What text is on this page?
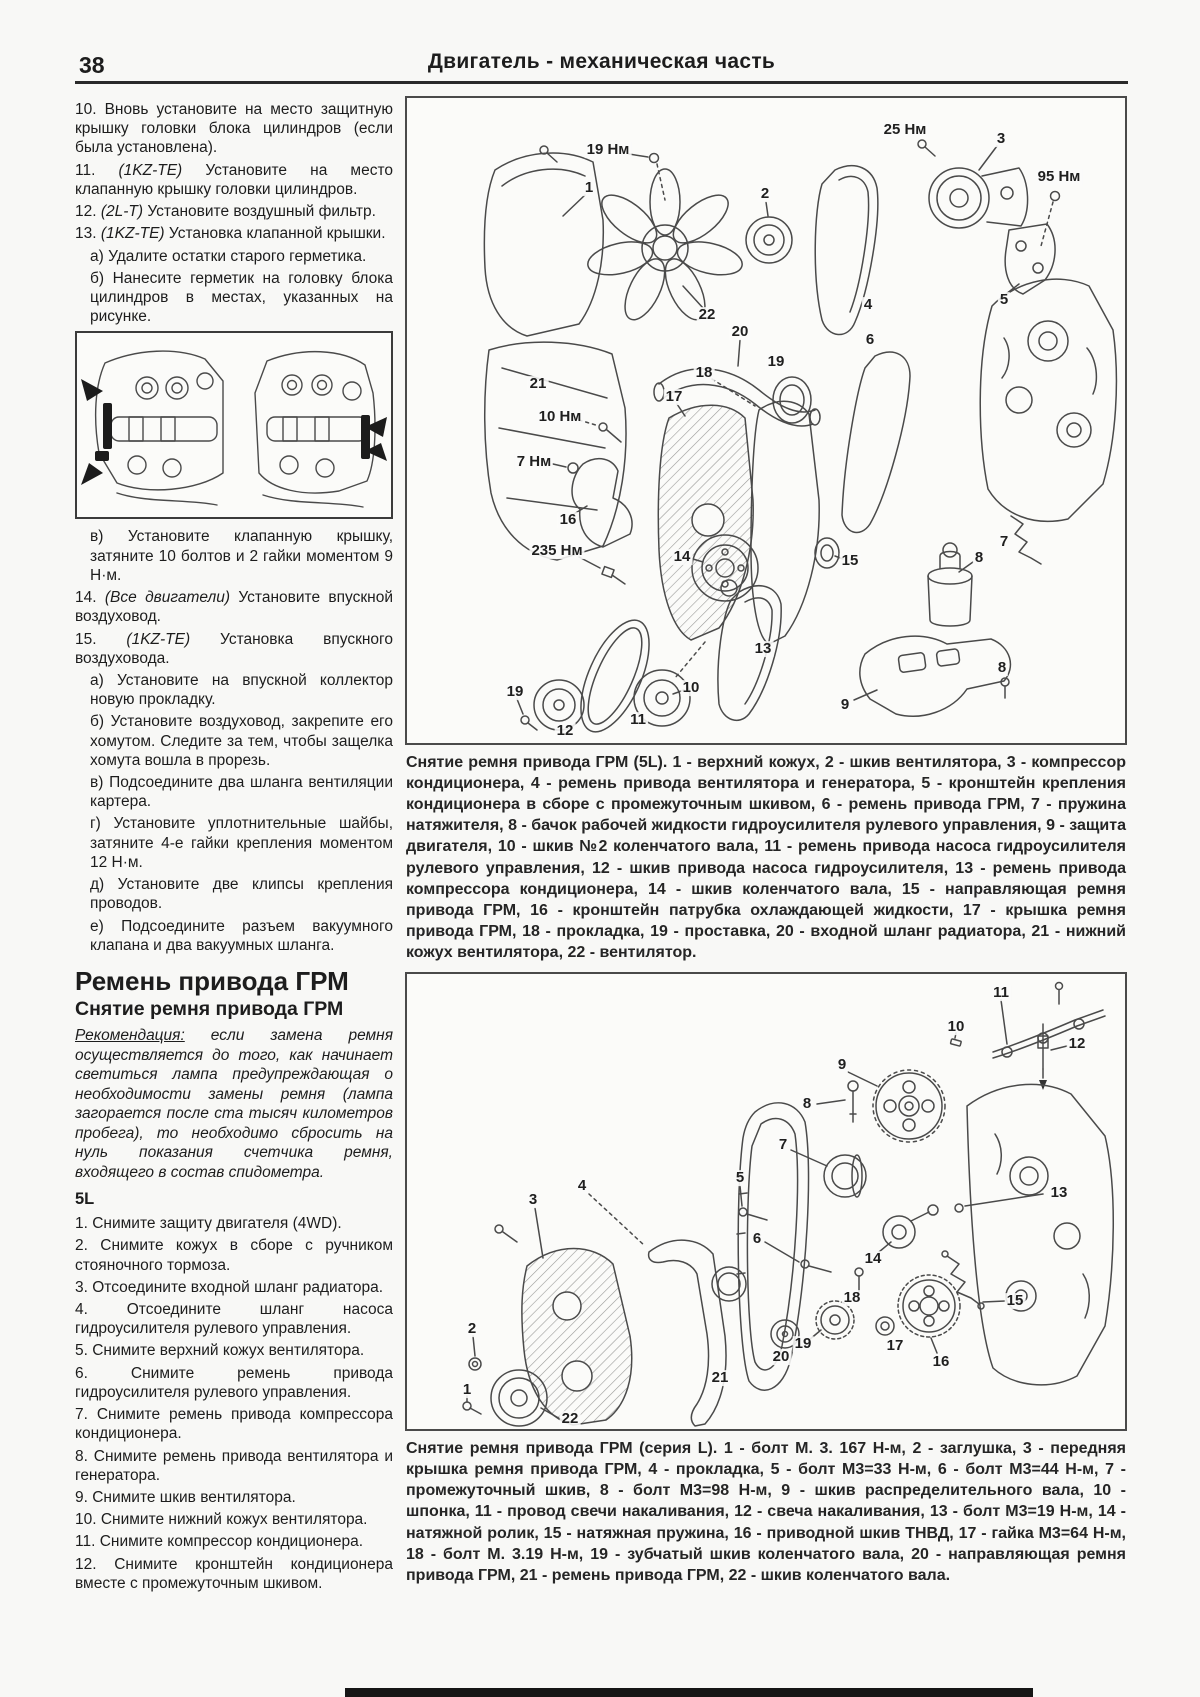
38	Двигатель - механическая часть

10. Вновь установите на место защитную крышку головки блока цилиндров (если была установлена).

11. (1KZ-TE) Установите на место клапанную крышку головки цилиндров.

12. (2L-T) Установите воздушный фильтр.

13. (1KZ-TE) Установка клапанной крышки.

а) Удалите остатки старого герметика.

б) Нанесите герметик на головку блока цилиндров в местах, указанных на рисунке.

в) Установите клапанную крышку, затяните 10 болтов и 2 гайки моментом 9 Н·м.

14. (Все двигатели) Установите впускной воздуховод.

15. (1KZ-TE) Установка впускного воздуховода.

а) Установите на впускной коллектор новую прокладку.

б) Установите воздуховод, закрепите его хомутом. Следите за тем, чтобы защелка хомута вошла в прорезь.

в) Подсоедините два шланга вентиляции картера.

г) Установите уплотнительные шайбы, затяните 4-е гайки крепления моментом 12 Н·м.

д) Установите две клипсы крепления проводов.

е) Подсоедините разъем вакуумного клапана и два вакуумных шланга.

Ремень привода ГРМ
Снятие ремня привода ГРМ

Рекомендация: если замена ремня осуществляется до того, как начинает светиться лампа предупреждающая о необходимости замены ремня (лампа загорается после ста тысяч километров пробега), то необходимо сбросить на нуль показания счетчика ремня, входящего в состав спидометра.

5L

1. Снимите защиту двигателя (4WD).

2. Снимите кожух в сборе с ручником стояночного тормоза.

3. Отсоедините входной шланг радиатора.

4. Отсоедините шланг насоса гидроусилителя рулевого управления.

5. Снимите верхний кожух вентилятора.

6. Снимите ремень привода гидроусилителя рулевого управления.

7. Снимите ремень привода компрессора кондиционера.

8. Снимите ремень привода вентилятора и генератора.

9. Снимите шкив вентилятора.

10. Снимите нижний кожух вентилятора.

11. Снимите компрессор кондиционера.

12. Снимите кронштейн кондиционера вместе с промежуточным шкивом.

19 Нм
25 Нм
3
95 Нм
1	2
22
20
4	5
6
19
18
17
21
10 Нм
7 Нм
16
235 Нм	14	15	8
7
13
10
11
12
19
9
8

Снятие ремня привода ГРМ (5L). 1 - верхний кожух, 2 - шкив вентилятора, 3 - компрессор кондиционера, 4 - ремень привода вентилятора и генератора, 5 - кронштейн крепления кондиционера в сборе с промежуточным шкивом, 6 - ремень привода ГРМ, 7 - пружина натяжителя, 8 - бачок рабочей жидкости гидроусилителя рулевого управления, 9 - защита двигателя, 10 - шкив №2 коленчатого вала, 11 - ремень привода насоса гидроусилителя рулевого управления, 12 - шкив привода насоса гидроусилителя, 13 - ремень привода компрессора кондиционера, 14 - шкив коленчатого вала, 15 - направляющая ремня привода ГРМ, 16 - кронштейн патрубка охлаждающей жидкости, 17 - крышка ремня привода ГРМ, 18 - прокладка, 19 - проставка, 20 - входной шланг радиатора, 21 - нижний кожух вентилятора, 22 - вентилятор.

11
10
12
9
8
7
5
4	13
3
6
14
18	15
2
19
20
17
16
21
1
22

Снятие ремня привода ГРМ (серия L). 1 - болт М. 3. 167 Н-м, 2 - заглушка, 3 - передняя крышка ремня привода ГРМ, 4 - прокладка, 5 - болт М3=33 Н-м, 6 - болт М3=44 Н-м, 7 - промежуточный шкив, 8 - болт М3=98 Н-м, 9 - шкив распределительного вала, 10 - шпонка, 11 - провод свечи накаливания, 12 - свеча накаливания, 13 - болт М3=19 Н-м, 14 - натяжной ролик, 15 - натяжная пружина, 16 - приводной шкив ТНВД, 17 - гайка М3=64 Н-м, 18 - болт М. 3.19 Н-м, 19 - зубчатый шкив коленчатого вала, 20 - направляющая ремня привода ГРМ, 21 - ремень привода ГРМ, 22 - шкив коленчатого вала.
